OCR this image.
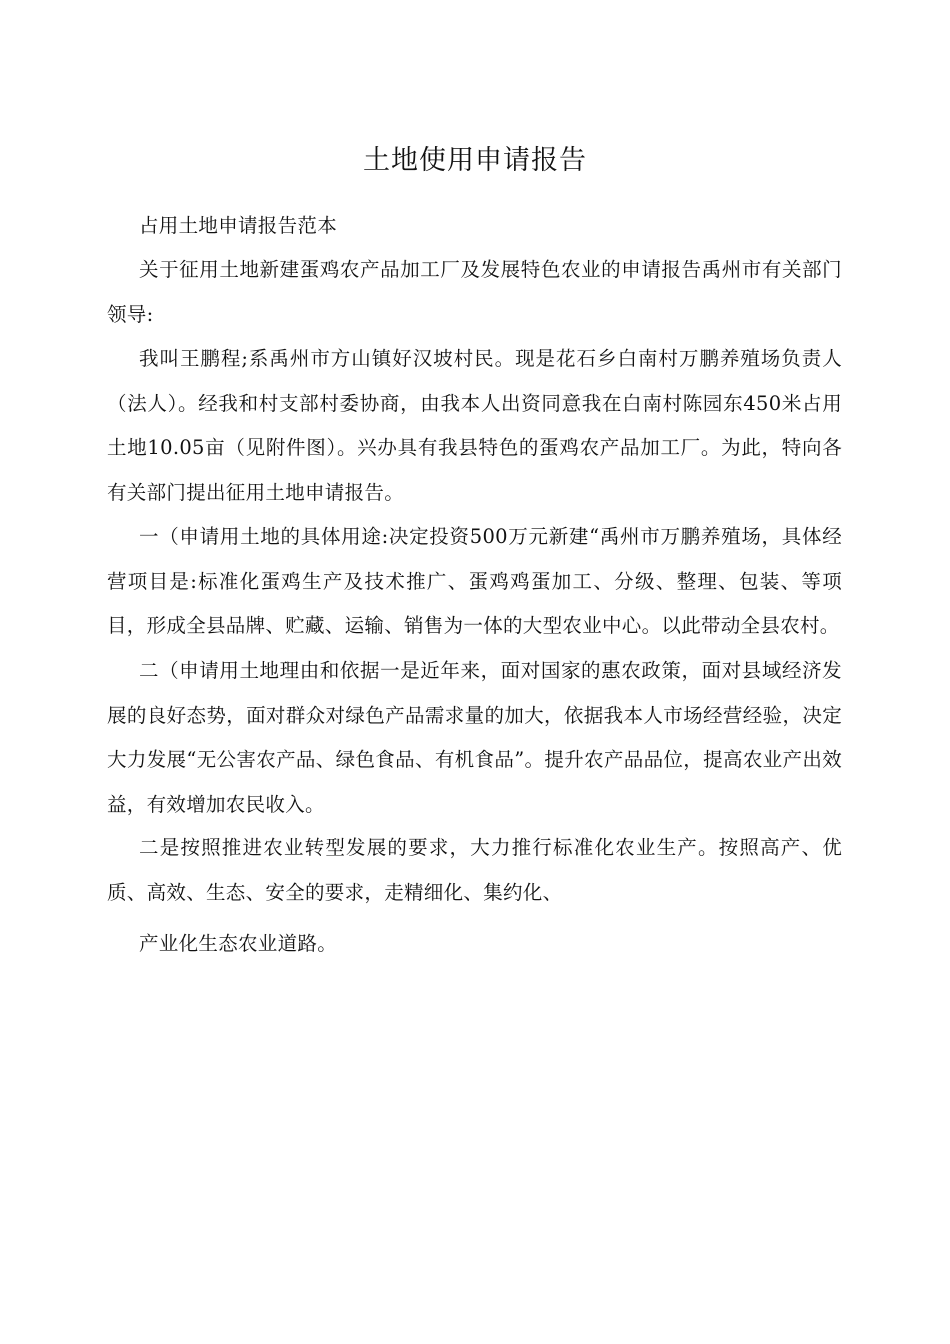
土地使用申请报告
占用土地申请报告范本
关于征用土地新建蛋鸡农产品加工厂及发展特色农业的申请报告禹州市有关部门领导:
我叫王鹏程;系禹州市方山镇好汉坡村民。现是花石乡白南村万鹏养殖场负责人（法人）。经我和村支部村委协商，由我本人出资同意我在白南村陈园东450米占用土地10.05亩（见附件图）。兴办具有我县特色的蛋鸡农产品加工厂。为此，特向各有关部门提出征用土地申请报告。
一（申请用土地的具体用途:决定投资500万元新建“禹州市万鹏养殖场，具体经营项目是:标准化蛋鸡生产及技术推广、蛋鸡鸡蛋加工、分级、整理、包装、等项目，形成全县品牌、贮藏、运输、销售为一体的大型农业中心。以此带动全县农村。
二（申请用土地理由和依据一是近年来，面对国家的惠农政策，面对县域经济发展的良好态势，面对群众对绿色产品需求量的加大，依据我本人市场经营经验，决定大力发展“无公害农产品、绿色食品、有机食品”。提升农产品品位，提高农业产出效益，有效增加农民收入。
二是按照推进农业转型发展的要求，大力推行标准化农业生产。按照高产、优质、高效、生态、安全的要求，走精细化、集约化、
产业化生态农业道路。
